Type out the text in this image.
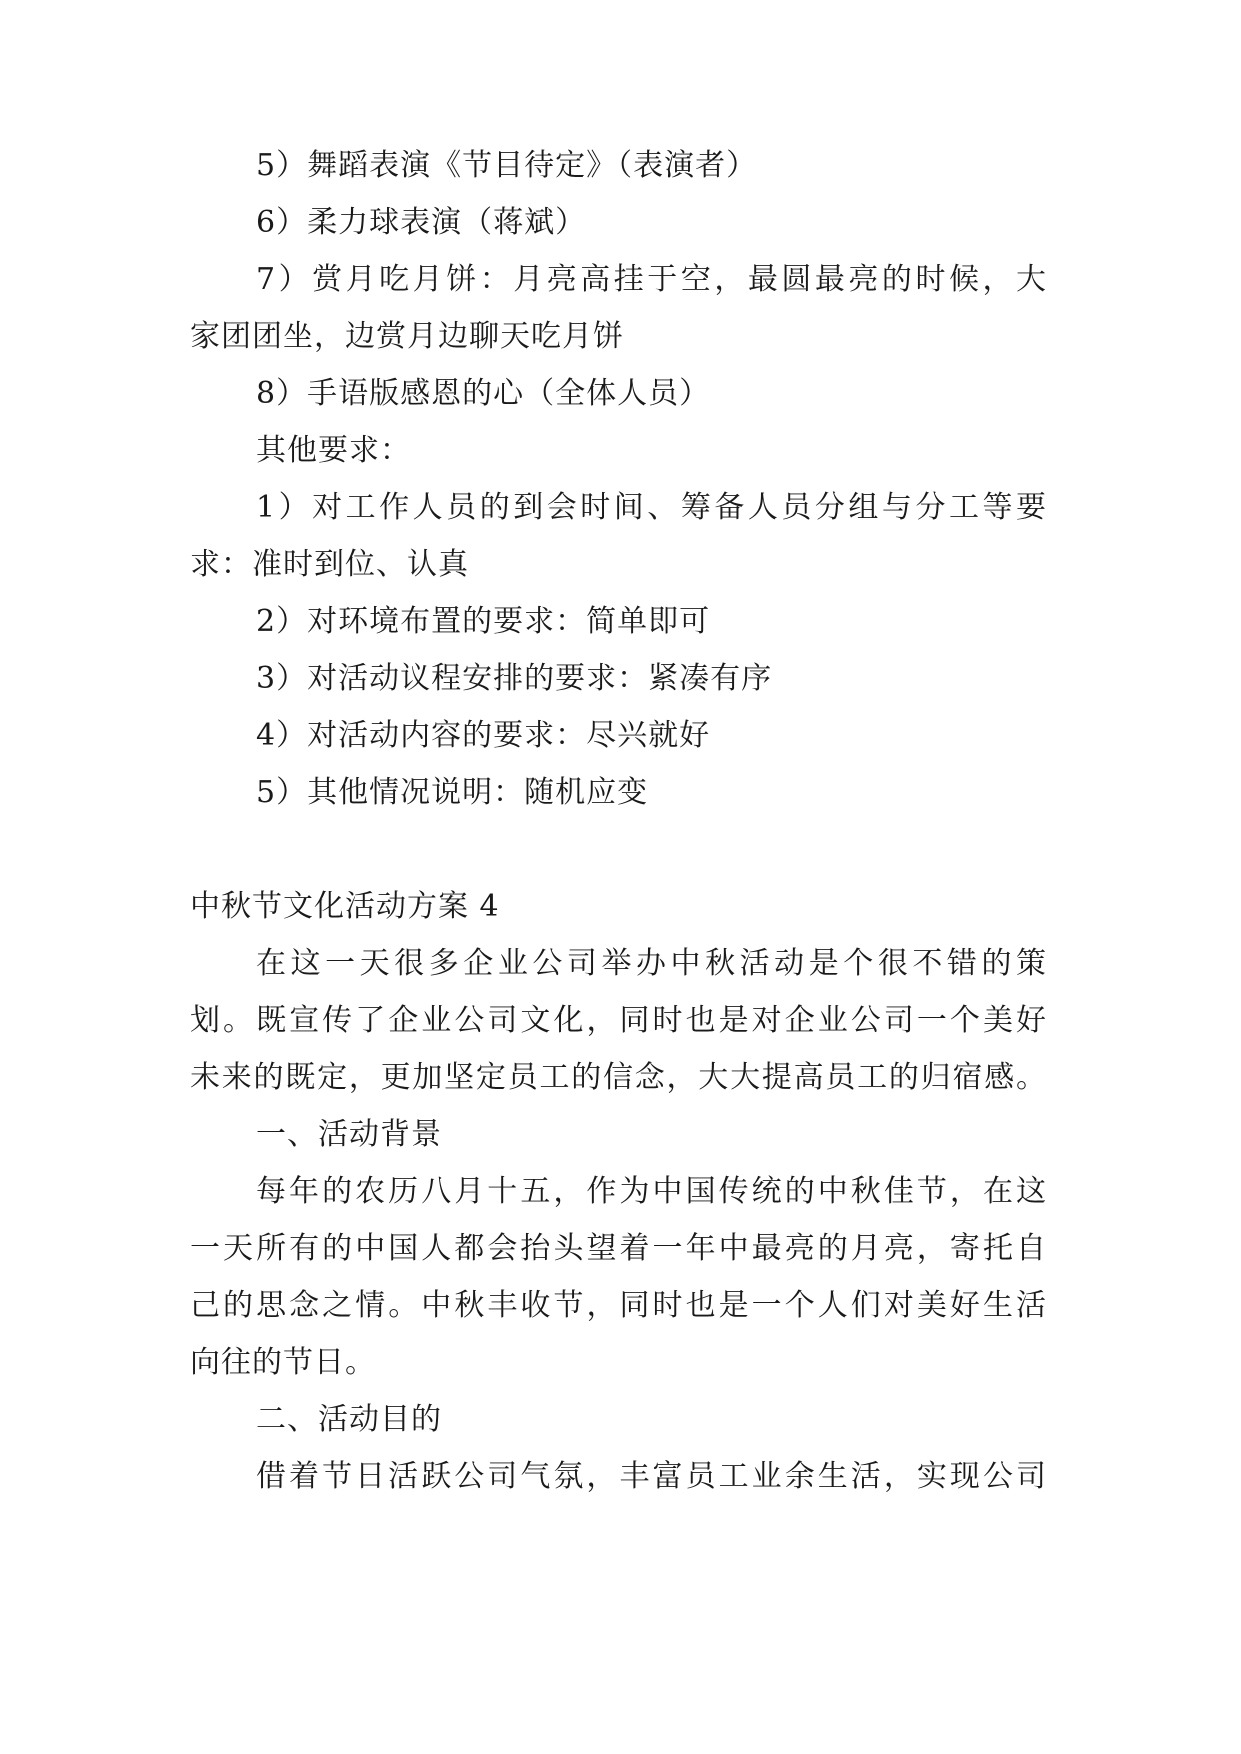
5）舞蹈表演《节目待定》（表演者）
6）柔力球表演（蒋斌）
7）赏月吃月饼：月亮高挂于空，最圆最亮的时候，大
家团团坐，边赏月边聊天吃月饼
8）手语版感恩的心（全体人员）
其他要求：
1）对工作人员的到会时间、筹备人员分组与分工等要
求：准时到位、认真
2）对环境布置的要求：简单即可
3）对活动议程安排的要求：紧凑有序
4）对活动内容的要求：尽兴就好
5）其他情况说明：随机应变
中秋节文化活动方案 4
在这一天很多企业公司举办中秋活动是个很不错的策
划。既宣传了企业公司文化，同时也是对企业公司一个美好
未来的既定，更加坚定员工的信念，大大提高员工的归宿感。
一、活动背景
每年的农历八月十五，作为中国传统的中秋佳节，在这
一天所有的中国人都会抬头望着一年中最亮的月亮，寄托自
己的思念之情。中秋丰收节，同时也是一个人们对美好生活
向往的节日。
二、活动目的
借着节日活跃公司气氛，丰富员工业余生活，实现公司
